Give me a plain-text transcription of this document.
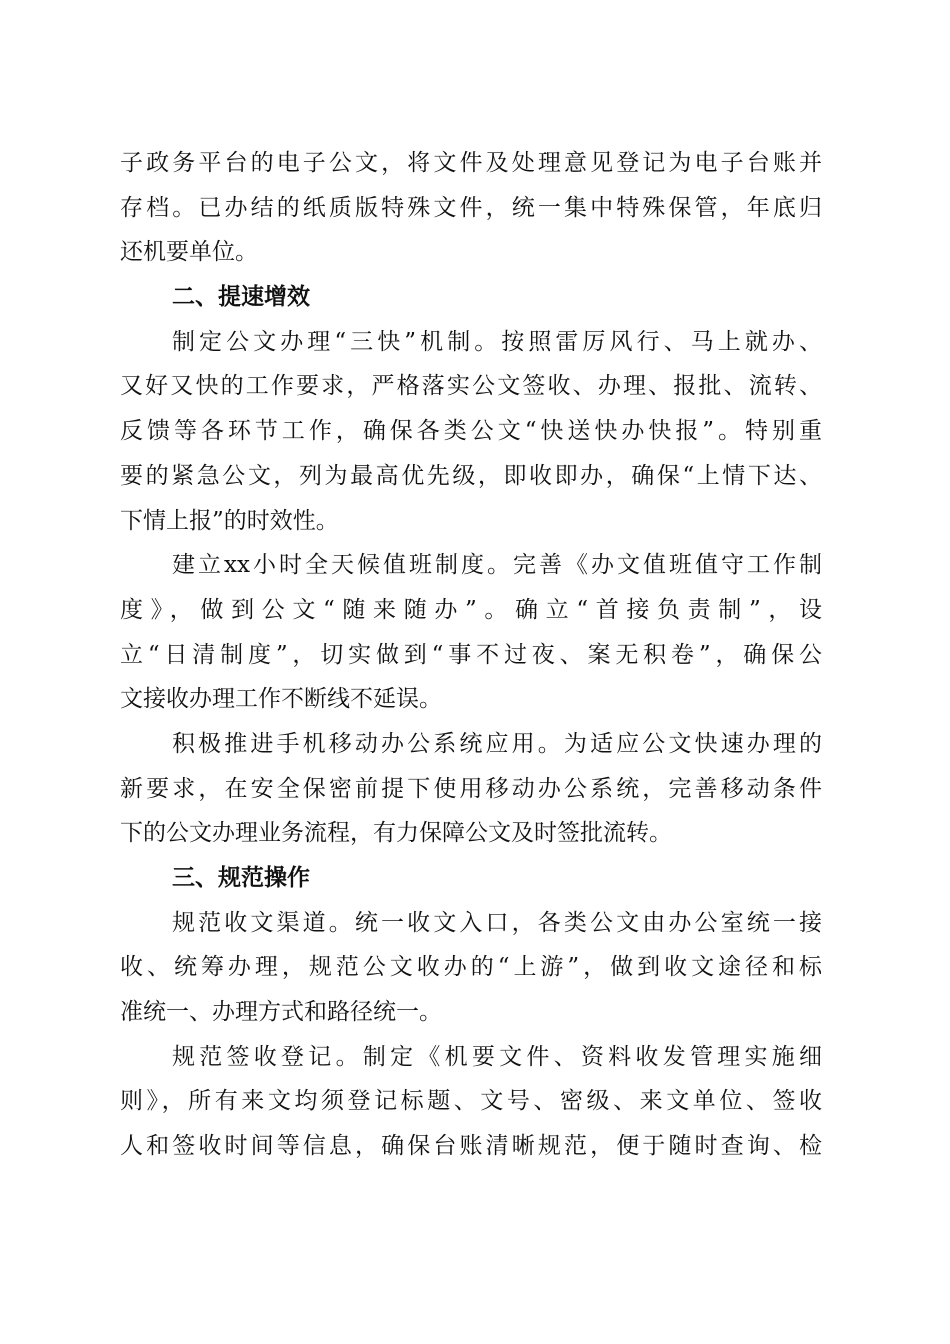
子政务平台的电子公文，将文件及处理意见登记为电子台账并
存档。已办结的纸质版特殊文件，统一集中特殊保管，年底归
还机要单位。
二、提速增效
制定公文办理“三快”机制。按照雷厉风行、马上就办、
又好又快的工作要求，严格落实公文签收、办理、报批、流转、
反馈等各环节工作，确保各类公文“快送快办快报”。特别重
要的紧急公文，列为最高优先级，即收即办，确保“上情下达、
下情上报”的时效性。
建立xx小时全天候值班制度。完善《办文值班值守工作制
度》，做到公文“随来随办”。确立“首接负责制”，设
立“日清制度”，切实做到“事不过夜、案无积卷”，确保公
文接收办理工作不断线不延误。
积极推进手机移动办公系统应用。为适应公文快速办理的
新要求，在安全保密前提下使用移动办公系统，完善移动条件
下的公文办理业务流程，有力保障公文及时签批流转。
三、规范操作
规范收文渠道。统一收文入口，各类公文由办公室统一接
收、统筹办理，规范公文收办的“上游”，做到收文途径和标
准统一、办理方式和路径统一。
规范签收登记。制定《机要文件、资料收发管理实施细
则》，所有来文均须登记标题、文号、密级、来文单位、签收
人和签收时间等信息，确保台账清晰规范，便于随时查询、检
